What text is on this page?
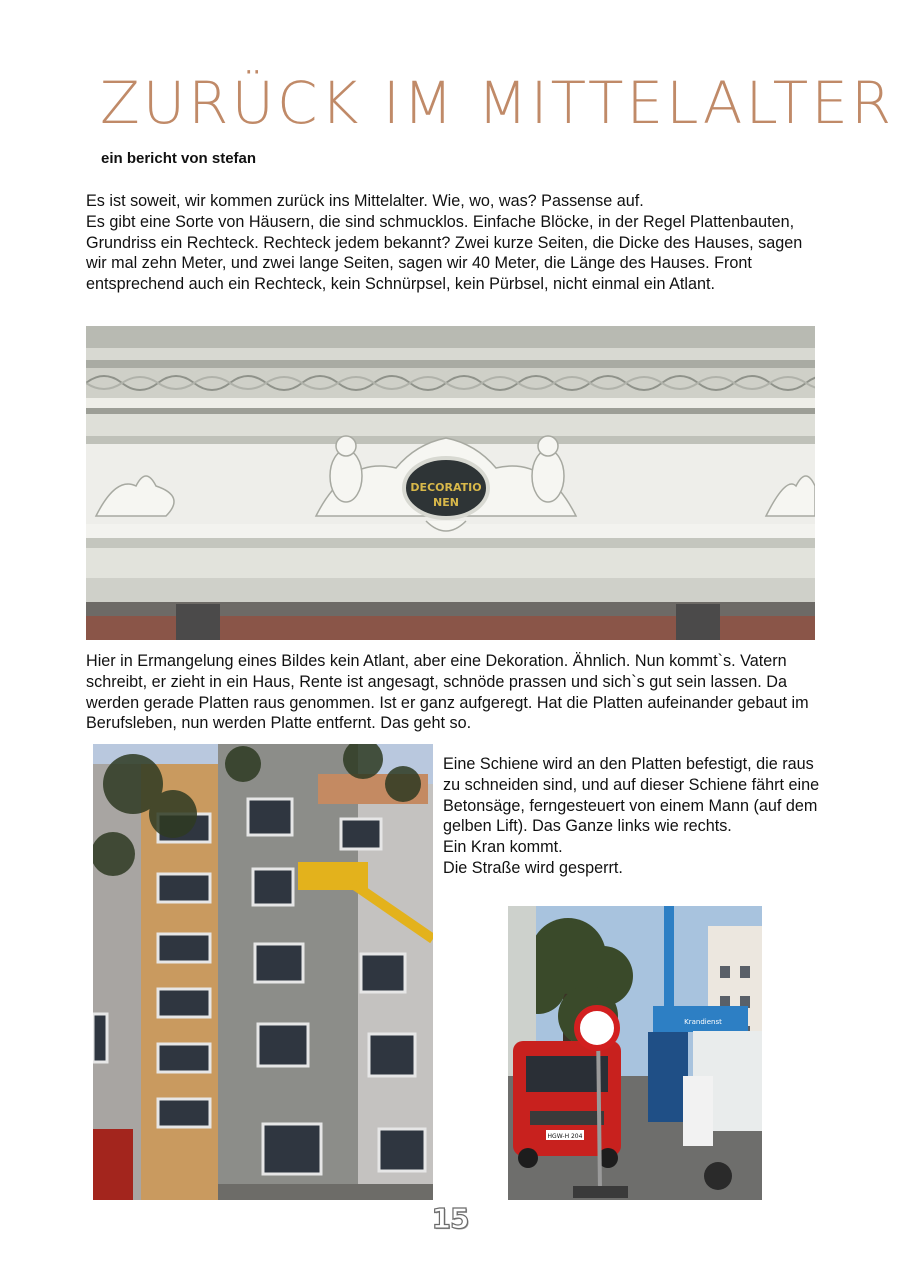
ZURÜCK IM MITTELALTER
ein bericht von stefan
Es ist soweit, wir kommen zurück ins Mittelalter. Wie, wo, was? Passense auf.
Es gibt eine Sorte von Häusern, die sind schmucklos. Einfache Blöcke, in der Regel Plattenbauten, Grundriss ein Rechteck. Rechteck jedem bekannt? Zwei kurze Seiten, die Dicke des Hauses, sagen wir mal zehn Meter, und zwei lange Seiten, sagen wir 40 Meter, die Länge des Hauses. Front entsprechend auch ein Rechteck, kein Schnürpsel, kein Pürbsel, nicht einmal ein Atlant.
DECORATIO
NEN
Hier in Ermangelung eines Bildes kein Atlant, aber eine Dekoration. Ähnlich. Nun kommt`s. Vatern schreibt, er zieht in ein Haus, Rente ist angesagt, schnöde prassen und sich`s gut sein lassen. Da werden gerade Platten raus genommen. Ist er ganz aufgeregt. Hat die Platten aufeinander gebaut im Berufsleben, nun werden Platte entfernt. Das geht so.
Eine Schiene wird an den Platten befestigt, die raus zu schneiden sind, und auf dieser Schiene fährt eine Betonsäge, ferngesteuert von einem Mann (auf dem gelben Lift). Das Ganze links wie rechts.
Ein Kran kommt.
Die Straße wird gesperrt.
Krandienst
HGW-H 204
15
